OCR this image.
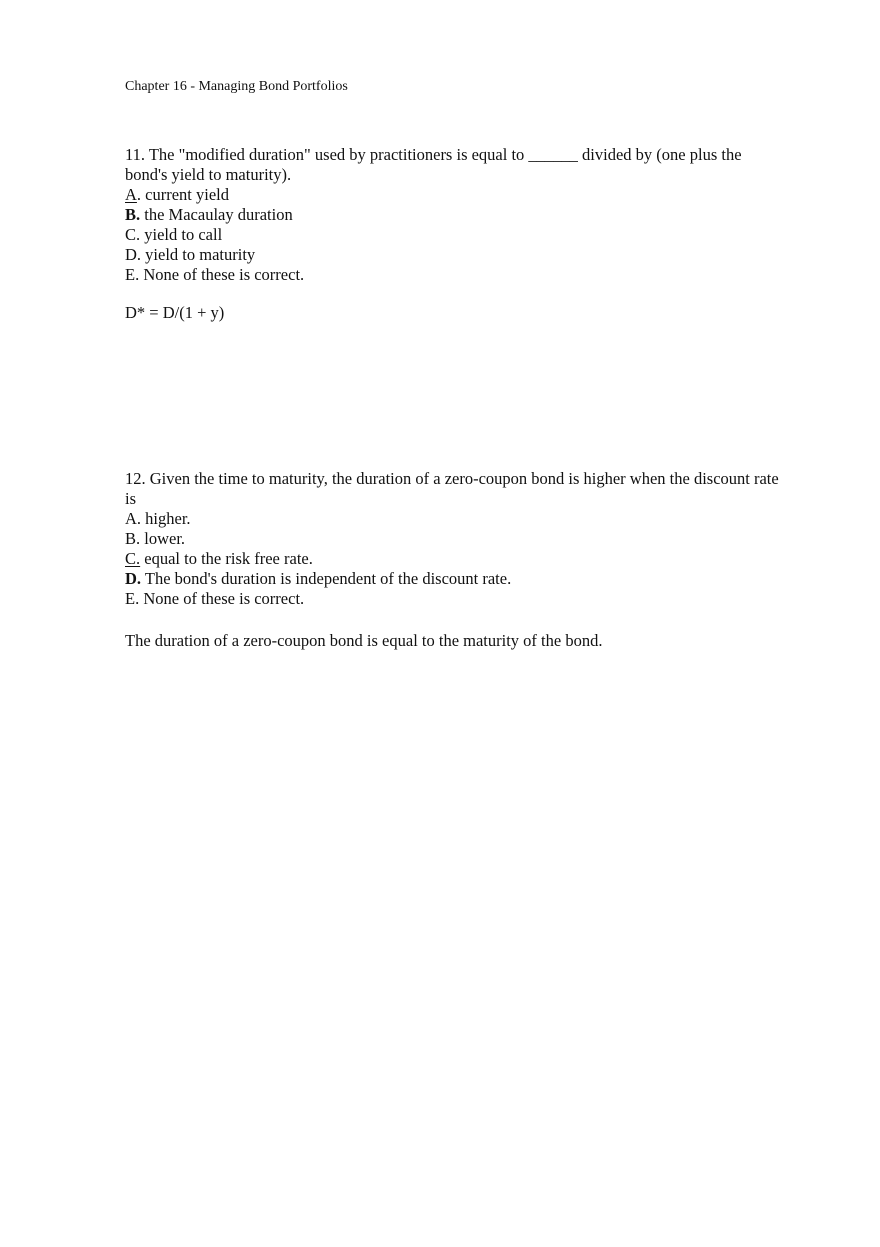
Chapter 16 - Managing Bond Portfolios

11. The "modified duration" used by practitioners is equal to ______ divided by (one plus the bond's yield to maturity).

A. current yield

B. the Macaulay duration

C. yield to call

D. yield to maturity

E. None of these is correct.

D* = D/(1 + y)

12. Given the time to maturity, the duration of a zero-coupon bond is higher when the discount rate is

A. higher.

B. lower.

C. equal to the risk free rate.

D. The bond's duration is independent of the discount rate.

E. None of these is correct.

The duration of a zero-coupon bond is equal to the maturity of the bond.
